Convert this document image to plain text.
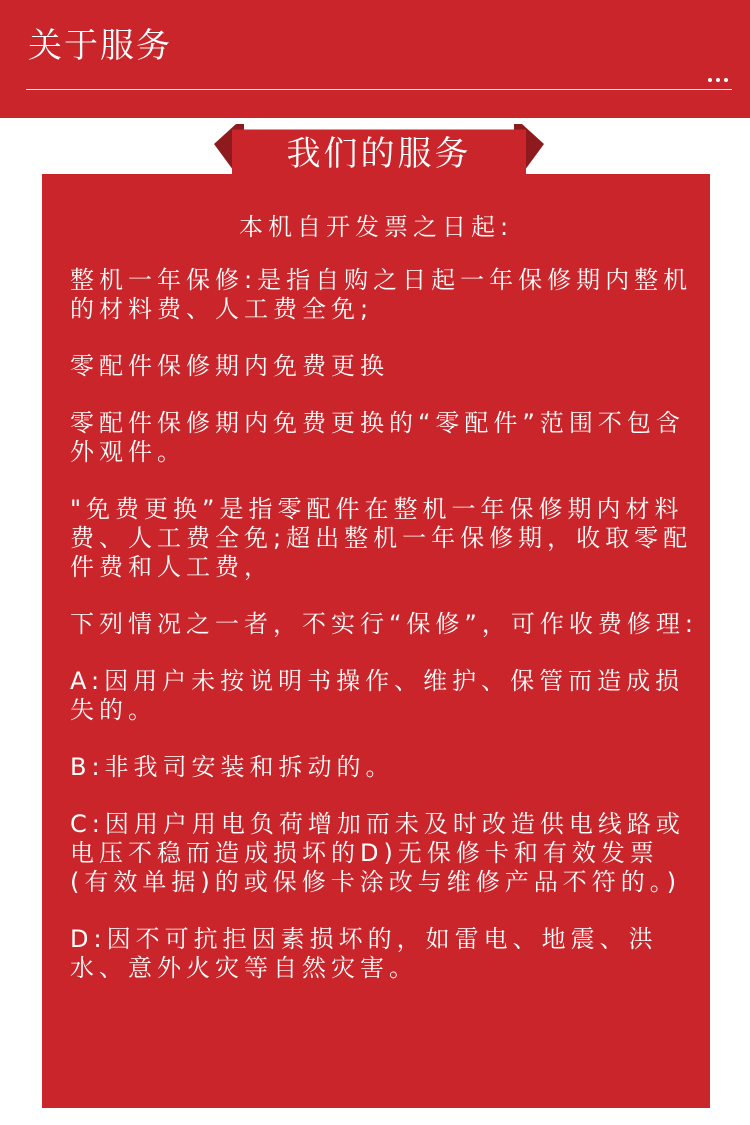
关于服务
我们的服务
本机自开发票之日起:

整机一年保修:是指自购之日起一年保修期内整机的材料费、人工费全免;

零配件保修期内免费更换

零配件保修期内免费更换的“零配件”范围不包含外观件。

"免费更换”是指零配件在整机一年保修期内材料费、人工费全免;超出整机一年保修期，收取零配件费和人工费，

下列情况之一者，不实行“保修”，可作收费修理:

A:因用户未按说明书操作、维护、保管而造成损失的。

B:非我司安装和拆动的。

C:因用户用电负荷增加而未及时改造供电线路或电压不稳而造成损坏的D)无保修卡和有效发票(有效单据)的或保修卡涂改与维修产品不符的。)

D:因不可抗拒因素损坏的，如雷电、地震、洪水、意外火灾等自然灾害。
